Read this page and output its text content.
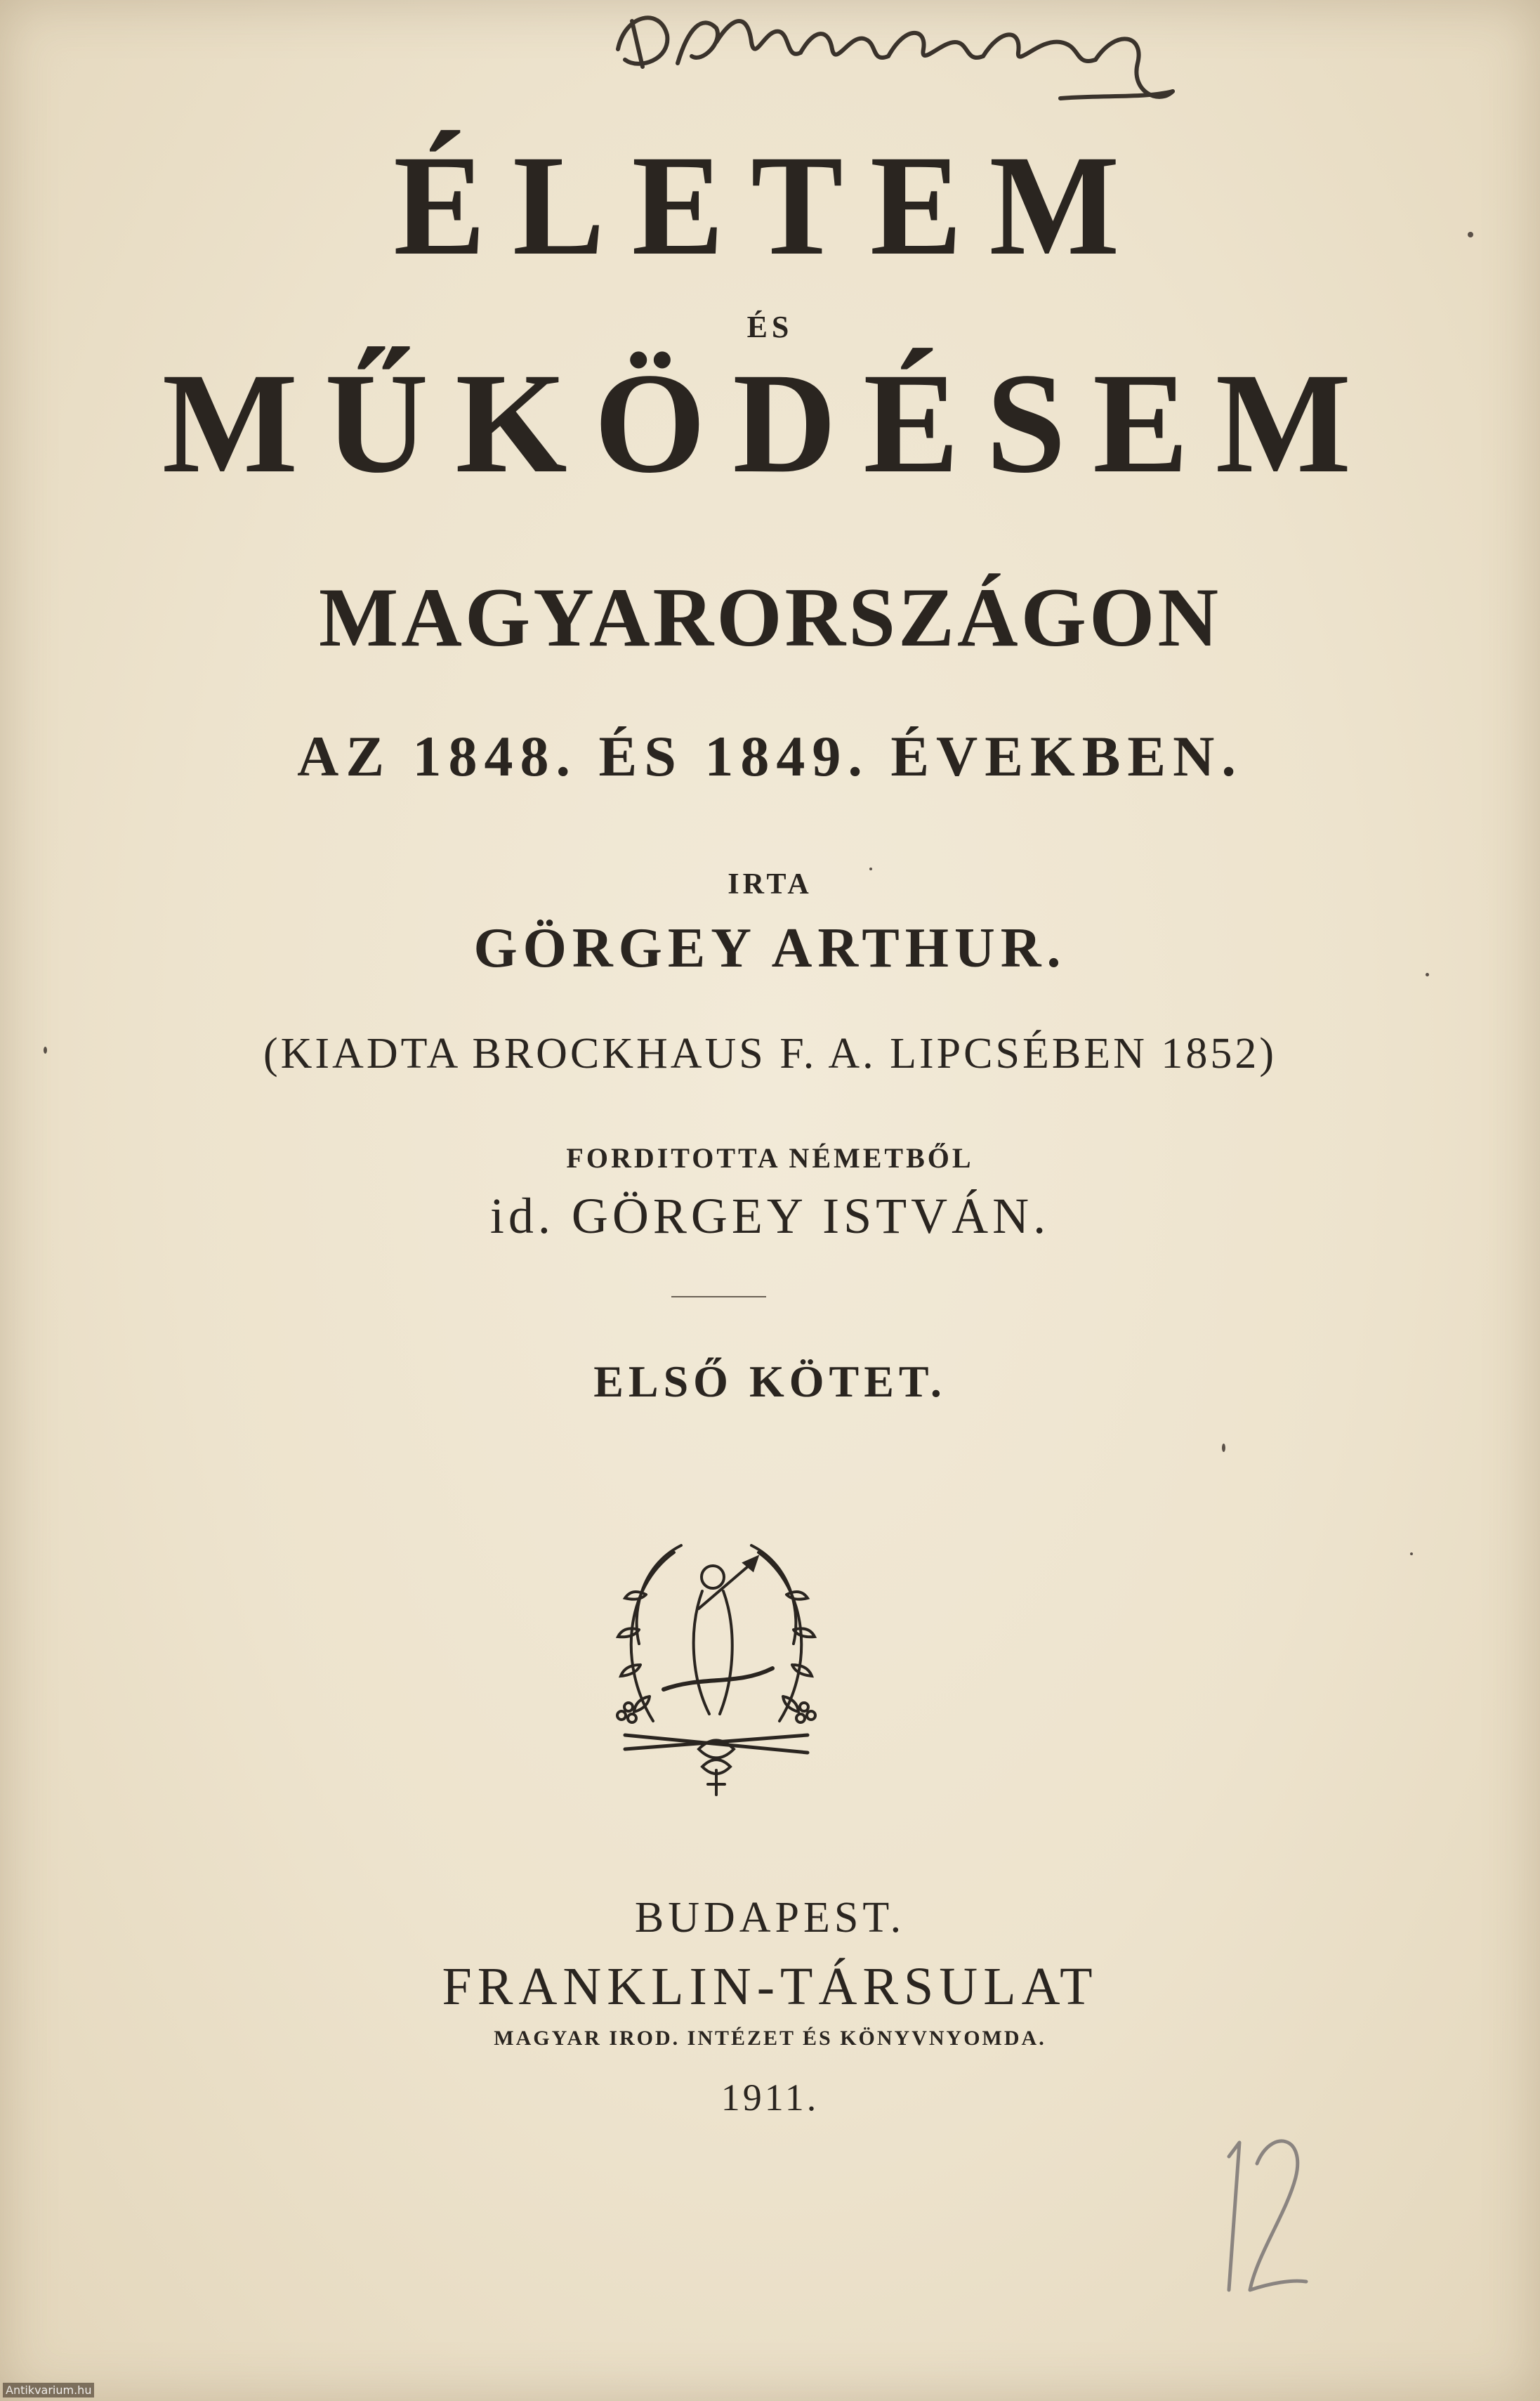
ÉLETEM
ÉS
MŰKÖDÉSEM
MAGYARORSZÁGON
AZ 1848. ÉS 1849. ÉVEKBEN.
IRTA
GÖRGEY ARTHUR.
(KIADTA BROCKHAUS F. A. LIPCSÉBEN 1852)
FORDITOTTA NÉMETBŐL
id. GÖRGEY ISTVÁN.
ELSŐ KÖTET.
BUDAPEST.
FRANKLIN-TÁRSULAT
MAGYAR IROD. INTÉZET ÉS KÖNYVNYOMDA.
1911.
Antikvarium.hu
